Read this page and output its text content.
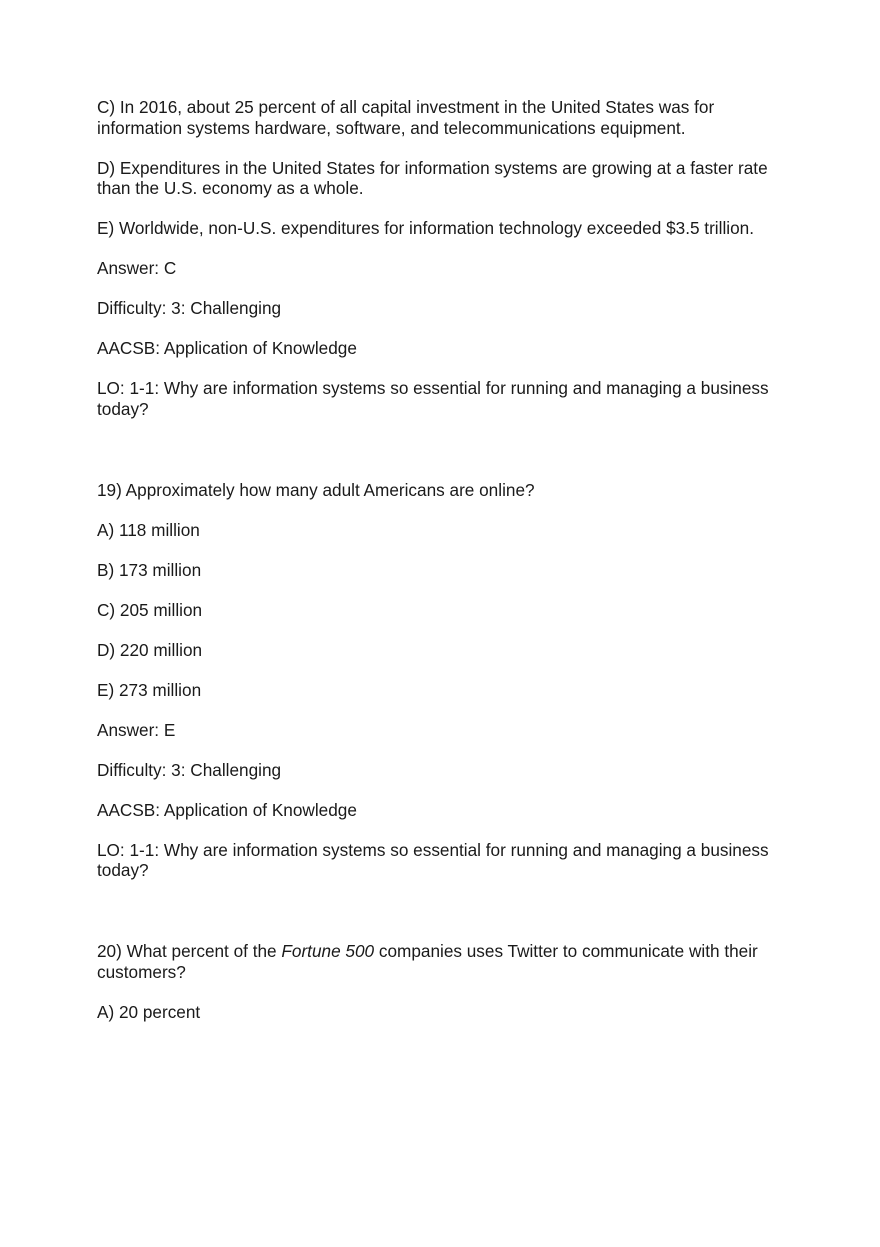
C) In 2016, about 25 percent of all capital investment in the United States was for information systems hardware, software, and telecommunications equipment.

D) Expenditures in the United States for information systems are growing at a faster rate than the U.S. economy as a whole.

E) Worldwide, non-U.S. expenditures for information technology exceeded $3.5 trillion.

Answer: C

Difficulty: 3: Challenging

AACSB: Application of Knowledge

LO: 1-1: Why are information systems so essential for running and managing a business today?

19) Approximately how many adult Americans are online?

A) 118 million

B) 173 million

C) 205 million

D) 220 million

E) 273 million

Answer: E

Difficulty: 3: Challenging

AACSB: Application of Knowledge

LO: 1-1: Why are information systems so essential for running and managing a business today?

20) What percent of the Fortune 500 companies uses Twitter to communicate with their customers?

A) 20 percent
